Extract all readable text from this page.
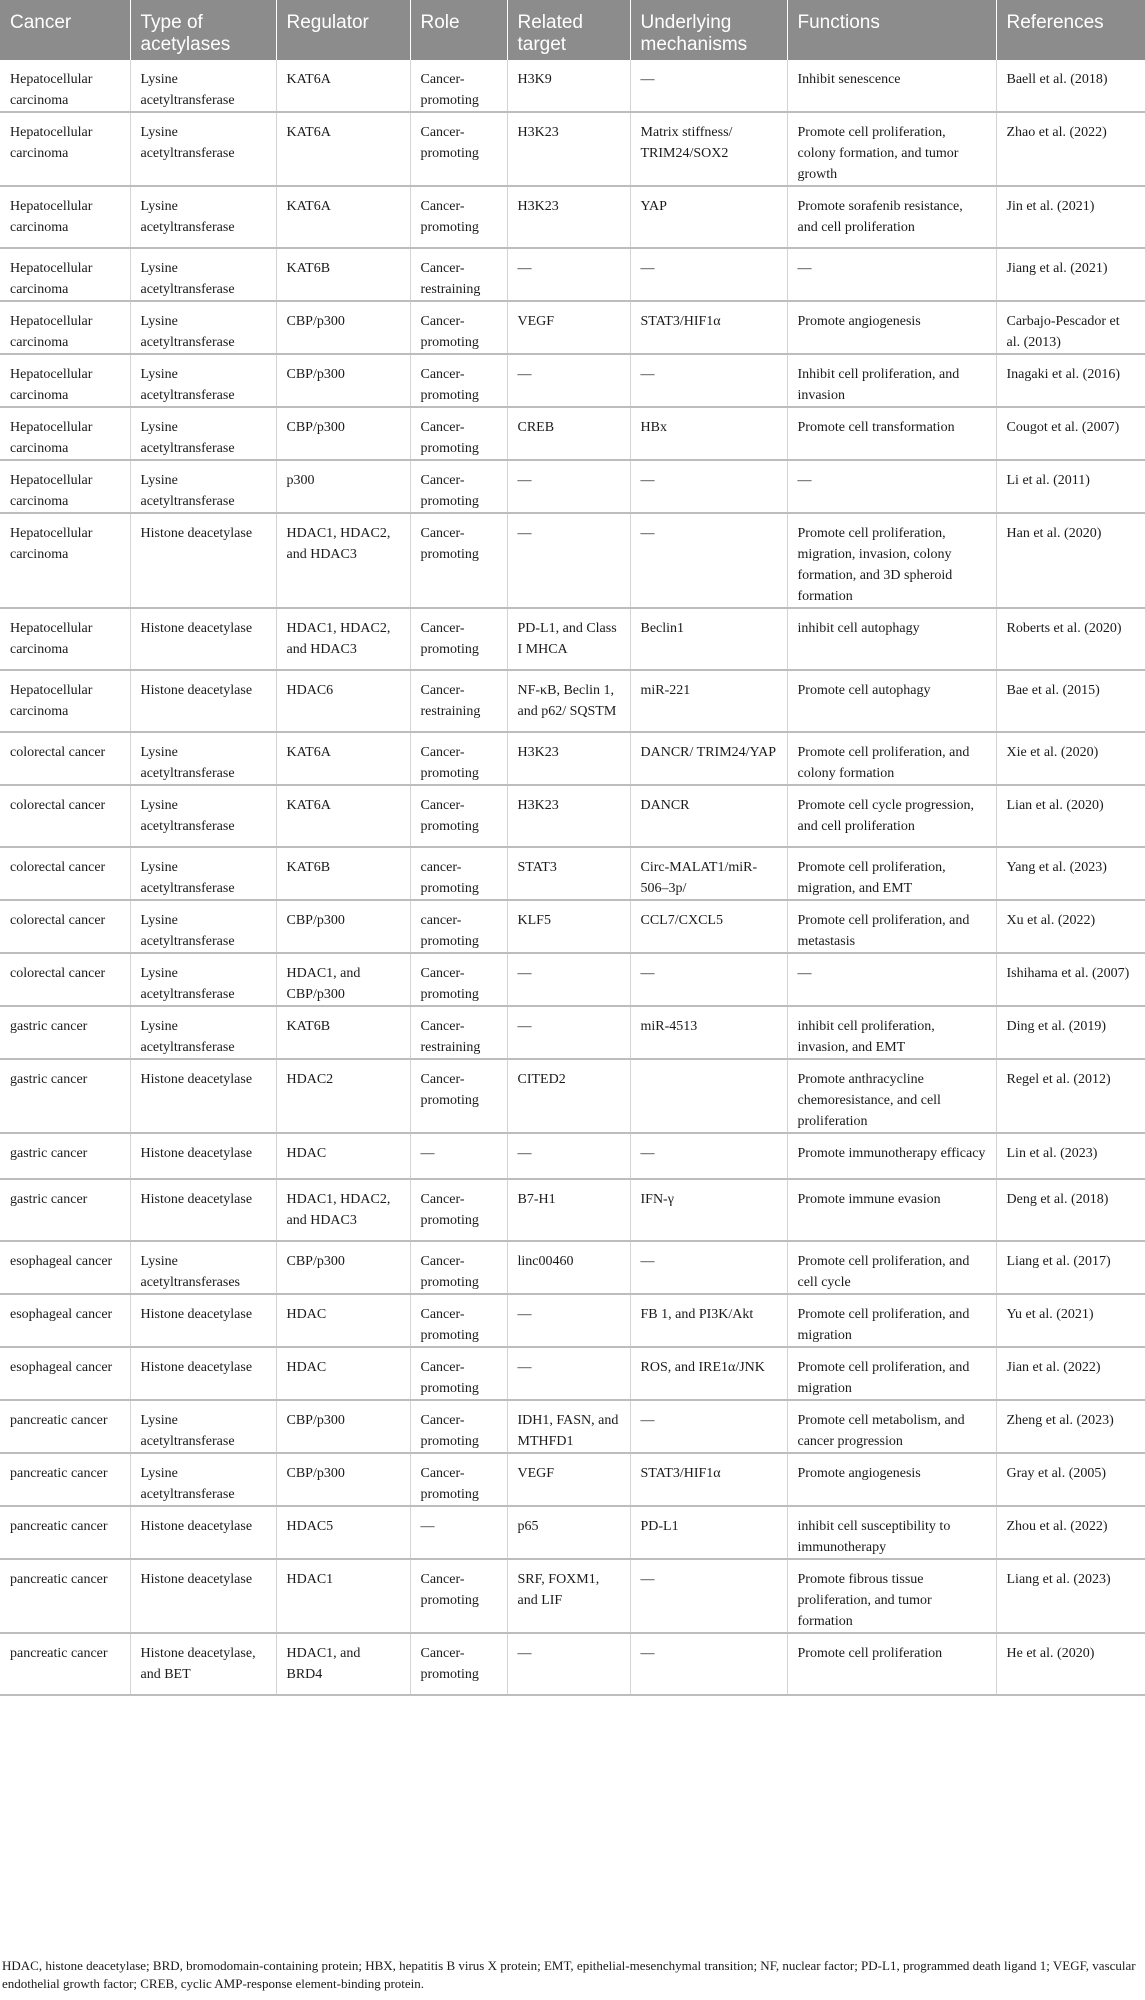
Cancer	Type of acetylases	Regulator	Role	Related target	Underlying mechanisms	Functions	References
Hepatocellular carcinoma	Lysine acetyltransferase	KAT6A	Cancer-promoting	H3K9	—	Inhibit senescence	Baell et al. (2018)
Hepatocellular carcinoma	Lysine acetyltransferase	KAT6A	Cancer-promoting	H3K23	Matrix stiffness/ TRIM24/SOX2	Promote cell proliferation, colony formation, and tumor growth	Zhao et al. (2022)
Hepatocellular carcinoma	Lysine acetyltransferase	KAT6A	Cancer-promoting	H3K23	YAP	Promote sorafenib resistance, and cell proliferation	Jin et al. (2021)
Hepatocellular carcinoma	Lysine acetyltransferase	KAT6B	Cancer-restraining	—	—	—	Jiang et al. (2021)
Hepatocellular carcinoma	Lysine acetyltransferase	CBP/p300	Cancer-promoting	VEGF	STAT3/HIF1α	Promote angiogenesis	Carbajo-Pescador et al. (2013)
Hepatocellular carcinoma	Lysine acetyltransferase	CBP/p300	Cancer-promoting	—	—	Inhibit cell proliferation, and invasion	Inagaki et al. (2016)
Hepatocellular carcinoma	Lysine acetyltransferase	CBP/p300	Cancer-promoting	CREB	HBx	Promote cell transformation	Cougot et al. (2007)
Hepatocellular carcinoma	Lysine acetyltransferase	p300	Cancer-promoting	—	—	—	Li et al. (2011)
Hepatocellular carcinoma	Histone deacetylase	HDAC1, HDAC2, and HDAC3	Cancer-promoting	—	—	Promote cell proliferation, migration, invasion, colony formation, and 3D spheroid formation	Han et al. (2020)
Hepatocellular carcinoma	Histone deacetylase	HDAC1, HDAC2, and HDAC3	Cancer-promoting	PD-L1, and Class I MHCA	Beclin1	inhibit cell autophagy	Roberts et al. (2020)
Hepatocellular carcinoma	Histone deacetylase	HDAC6	Cancer-restraining	NF-κB, Beclin 1, and p62/ SQSTM	miR-221	Promote cell autophagy	Bae et al. (2015)
colorectal cancer	Lysine acetyltransferase	KAT6A	Cancer-promoting	H3K23	DANCR/ TRIM24/YAP	Promote cell proliferation, and colony formation	Xie et al. (2020)
colorectal cancer	Lysine acetyltransferase	KAT6A	Cancer-promoting	H3K23	DANCR	Promote cell cycle progression, and cell proliferation	Lian et al. (2020)
colorectal cancer	Lysine acetyltransferase	KAT6B	cancer-promoting	STAT3	Circ-MALAT1/miR-506–3p/	Promote cell proliferation, migration, and EMT	Yang et al. (2023)
colorectal cancer	Lysine acetyltransferase	CBP/p300	cancer-promoting	KLF5	CCL7/CXCL5	Promote cell proliferation, and metastasis	Xu et al. (2022)
colorectal cancer	Lysine acetyltransferase	HDAC1, and CBP/p300	Cancer-promoting	—	—	—	Ishihama et al. (2007)
gastric cancer	Lysine acetyltransferase	KAT6B	Cancer-restraining	—	miR-4513	inhibit cell proliferation, invasion, and EMT	Ding et al. (2019)
gastric cancer	Histone deacetylase	HDAC2	Cancer-promoting	CITED2		Promote anthracycline chemoresistance, and cell proliferation	Regel et al. (2012)
gastric cancer	Histone deacetylase	HDAC	—	—	—	Promote immunotherapy efficacy	Lin et al. (2023)
gastric cancer	Histone deacetylase	HDAC1, HDAC2, and HDAC3	Cancer-promoting	B7-H1	IFN-γ	Promote immune evasion	Deng et al. (2018)
esophageal cancer	Lysine acetyltransferases	CBP/p300	Cancer-promoting	linc00460	—	Promote cell proliferation, and cell cycle	Liang et al. (2017)
esophageal cancer	Histone deacetylase	HDAC	Cancer-promoting	—	FB 1, and PI3K/Akt	Promote cell proliferation, and migration	Yu et al. (2021)
esophageal cancer	Histone deacetylase	HDAC	Cancer-promoting	—	ROS, and IRE1α/JNK	Promote cell proliferation, and migration	Jian et al. (2022)
pancreatic cancer	Lysine acetyltransferase	CBP/p300	Cancer-promoting	IDH1, FASN, and MTHFD1	—	Promote cell metabolism, and cancer progression	Zheng et al. (2023)
pancreatic cancer	Lysine acetyltransferase	CBP/p300	Cancer-promoting	VEGF	STAT3/HIF1α	Promote angiogenesis	Gray et al. (2005)
pancreatic cancer	Histone deacetylase	HDAC5	—	p65	PD-L1	inhibit cell susceptibility to immunotherapy	Zhou et al. (2022)
pancreatic cancer	Histone deacetylase	HDAC1	Cancer-promoting	SRF, FOXM1, and LIF	—	Promote fibrous tissue proliferation, and tumor formation	Liang et al. (2023)
pancreatic cancer	Histone deacetylase, and BET	HDAC1, and BRD4	Cancer-promoting	—	—	Promote cell proliferation	He et al. (2020)
HDAC, histone deacetylase; BRD, bromodomain-containing protein; HBX, hepatitis B virus X protein; EMT, epithelial-mesenchymal transition; NF, nuclear factor; PD-L1, programmed death ligand 1; VEGF, vascular endothelial growth factor; CREB, cyclic AMP-response element-binding protein.
